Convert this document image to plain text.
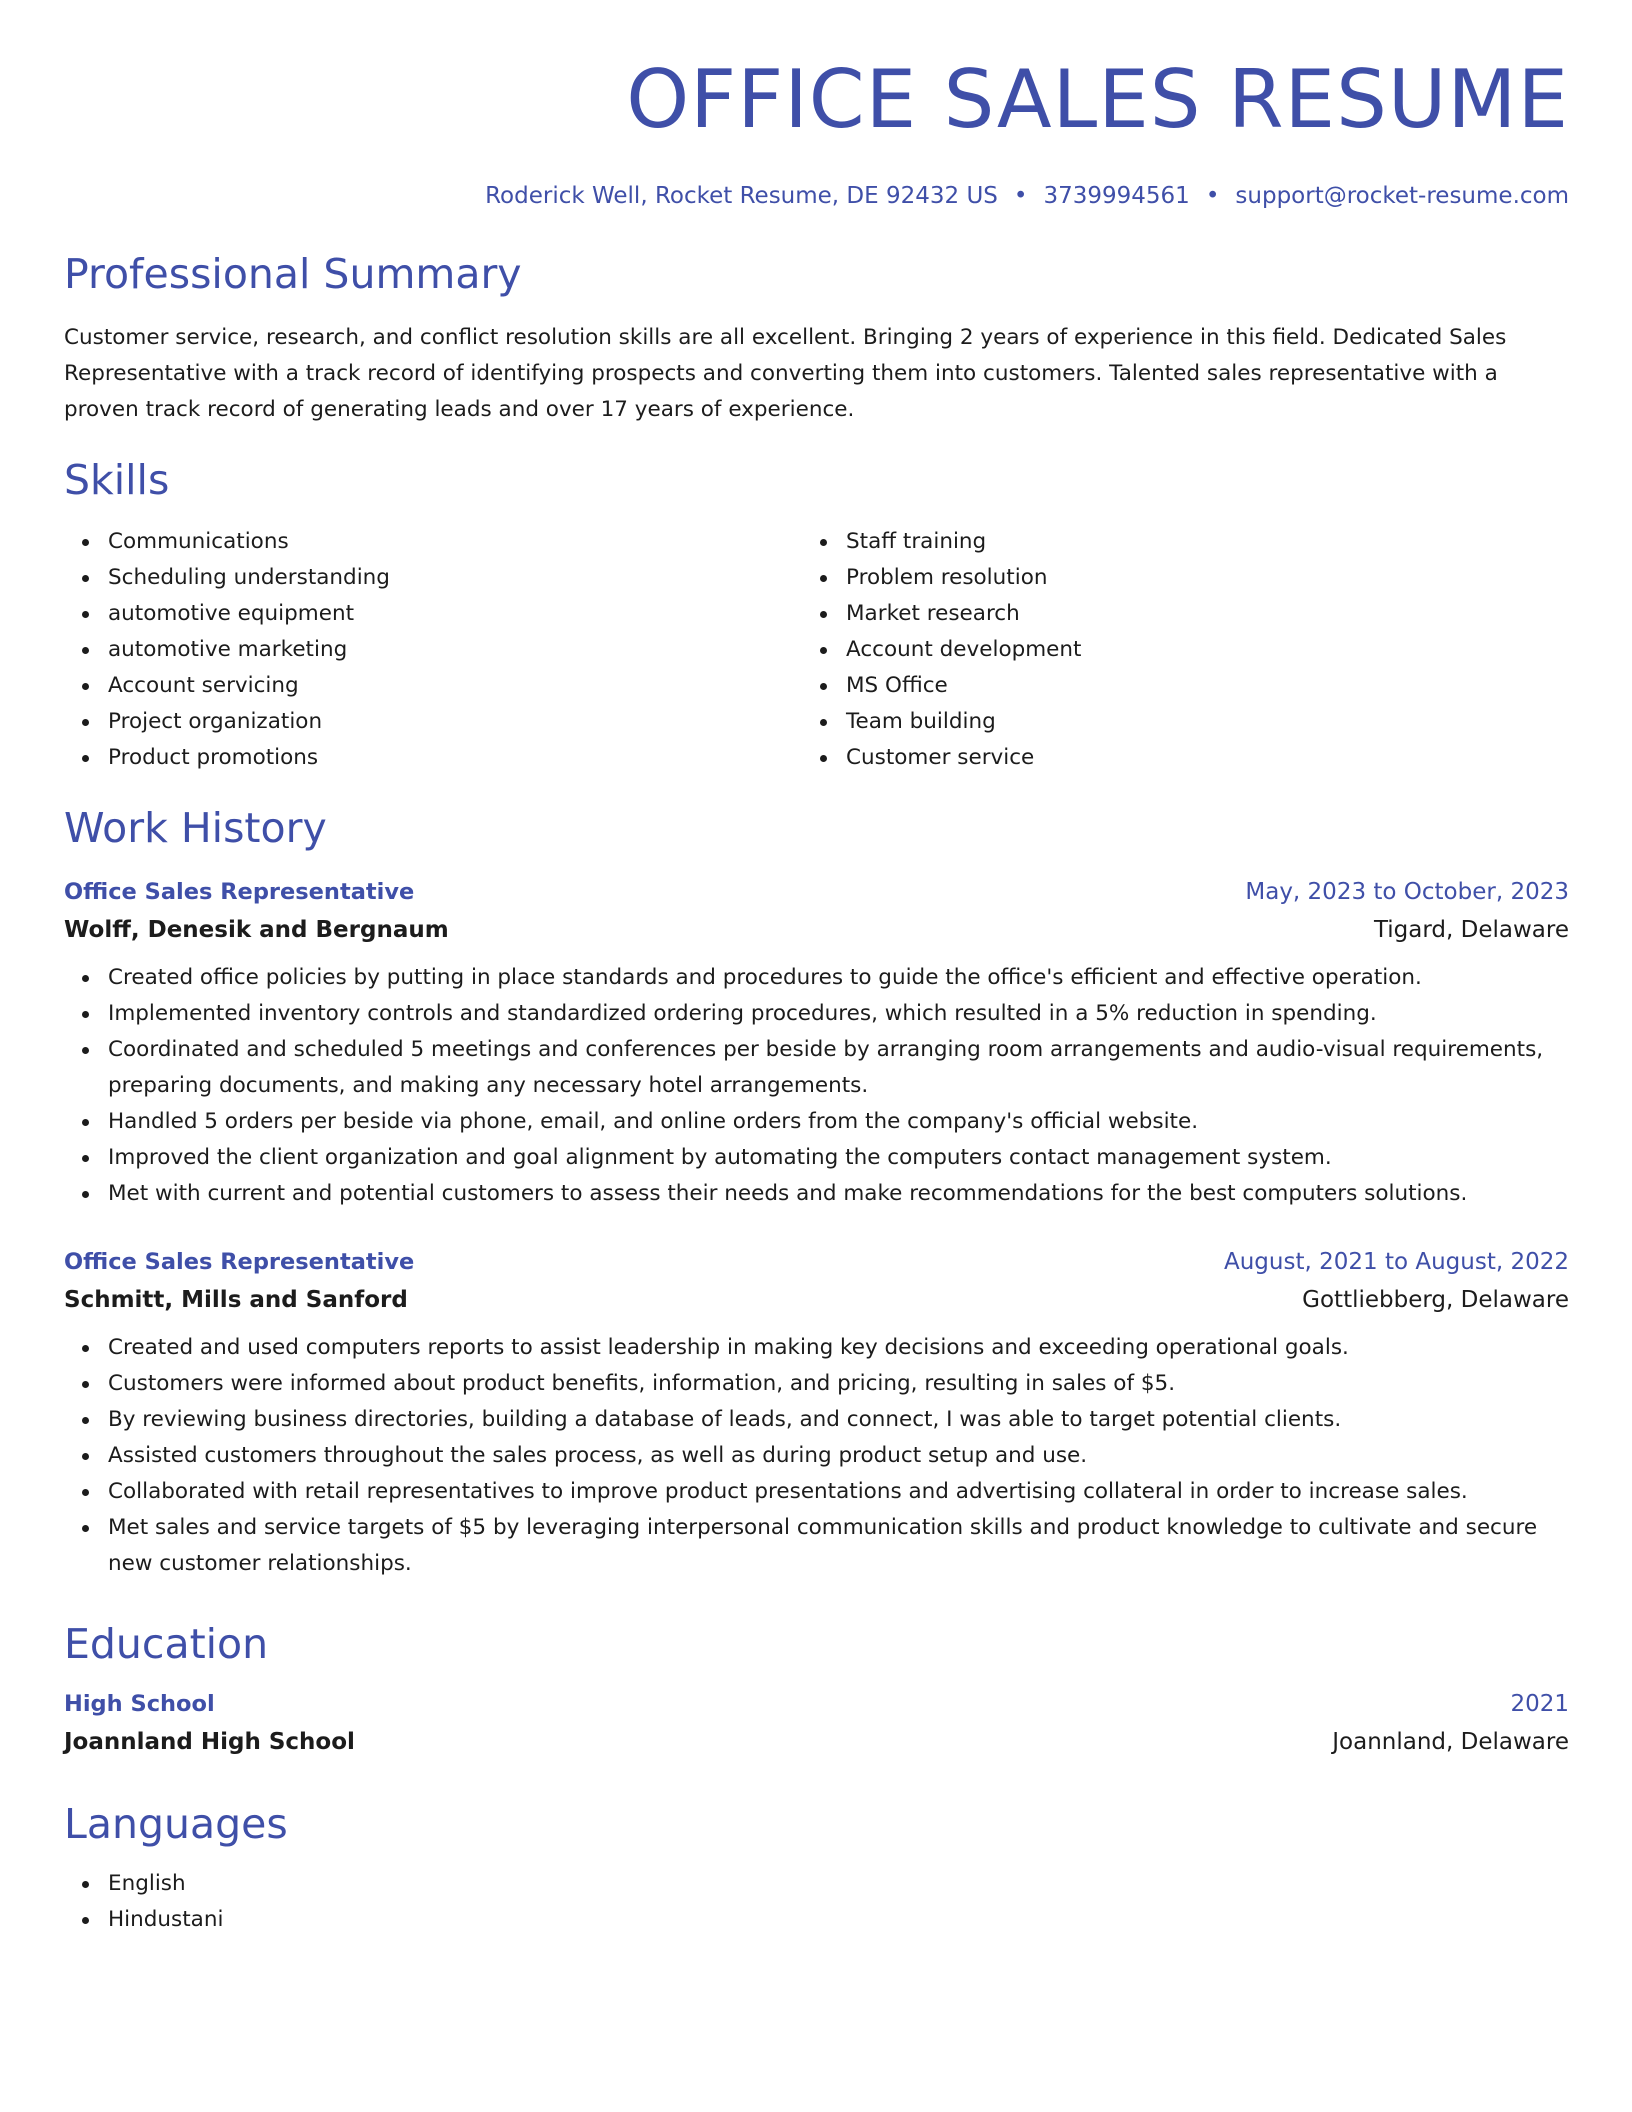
OFFICE SALES RESUME
Roderick Well, Rocket Resume, DE 92432 US • 3739994561 • support@rocket-resume.com
Professional Summary
Customer service, research, and conflict resolution skills are all excellent. Bringing 2 years of experience in this field. Dedicated Sales Representative with a track record of identifying prospects and converting them into customers. Talented sales representative with a proven track record of generating leads and over 17 years of experience.
Skills
Communications
Scheduling understanding
automotive equipment
automotive marketing
Account servicing
Project organization
Product promotions
Staff training
Problem resolution
Market research
Account development
MS Office
Team building
Customer service
Work History
Office Sales Representative	May, 2023 to October, 2023
Wolff, Denesik and Bergnaum	Tigard, Delaware
Created office policies by putting in place standards and procedures to guide the office's efficient and effective operation.
Implemented inventory controls and standardized ordering procedures, which resulted in a 5% reduction in spending.
Coordinated and scheduled 5 meetings and conferences per beside by arranging room arrangements and audio-visual requirements, preparing documents, and making any necessary hotel arrangements.
Handled 5 orders per beside via phone, email, and online orders from the company's official website.
Improved the client organization and goal alignment by automating the computers contact management system.
Met with current and potential customers to assess their needs and make recommendations for the best computers solutions.
Office Sales Representative	August, 2021 to August, 2022
Schmitt, Mills and Sanford	Gottliebberg, Delaware
Created and used computers reports to assist leadership in making key decisions and exceeding operational goals.
Customers were informed about product benefits, information, and pricing, resulting in sales of $5.
By reviewing business directories, building a database of leads, and connect, I was able to target potential clients.
Assisted customers throughout the sales process, as well as during product setup and use.
Collaborated with retail representatives to improve product presentations and advertising collateral in order to increase sales.
Met sales and service targets of $5 by leveraging interpersonal communication skills and product knowledge to cultivate and secure new customer relationships.
Education
High School	2021
Joannland High School	Joannland, Delaware
Languages
English
Hindustani
